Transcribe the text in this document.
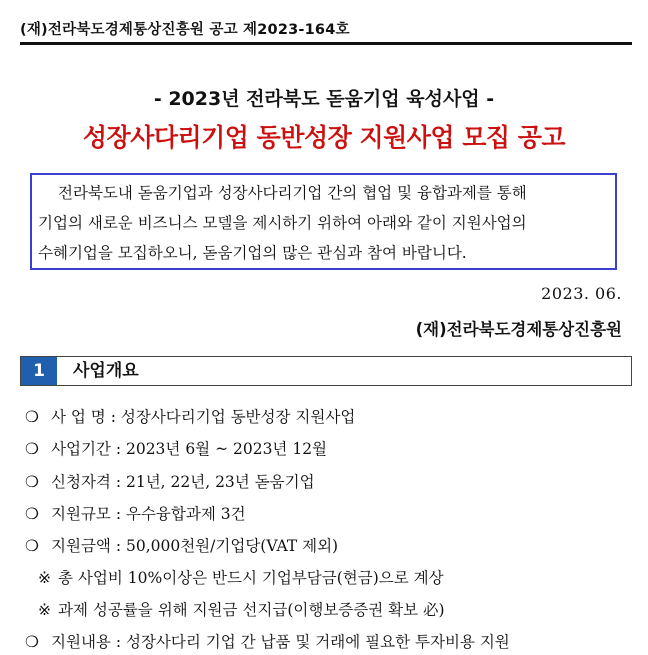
(재)전라북도경제통상진흥원 공고 제2023-164호
- 2023년 전라북도 돋움기업 육성사업 -
성장사다리기업 동반성장 지원사업 모집 공고
전라북도내 돋움기업과 성장사다리기업 간의 협업 및 융합과제를 통해
기업의 새로운 비즈니스 모델을 제시하기 위하여 아래와 같이 지원사업의
수혜기업을 모집하오니, 돋움기업의 많은 관심과 참여 바랍니다.
2023. 06.
(재)전라북도경제통상진흥원
1	사업개요
❍ 사 업 명 : 성장사다리기업 동반성장 지원사업
❍ 사업기간 : 2023년 6월 ~ 2023년 12월
❍ 신청자격 : 21년, 22년, 23년 돋움기업
❍ 지원규모 : 우수융합과제 3건
❍ 지원금액 : 50,000천원/기업당(VAT 제외)
※ 총 사업비 10%이상은 반드시 기업부담금(현금)으로 계상
※ 과제 성공률을 위해 지원금 선지급(이행보증증권 확보 必)
❍ 지원내용 : 성장사다리 기업 간 납품 및 거래에 필요한 투자비용 지원
